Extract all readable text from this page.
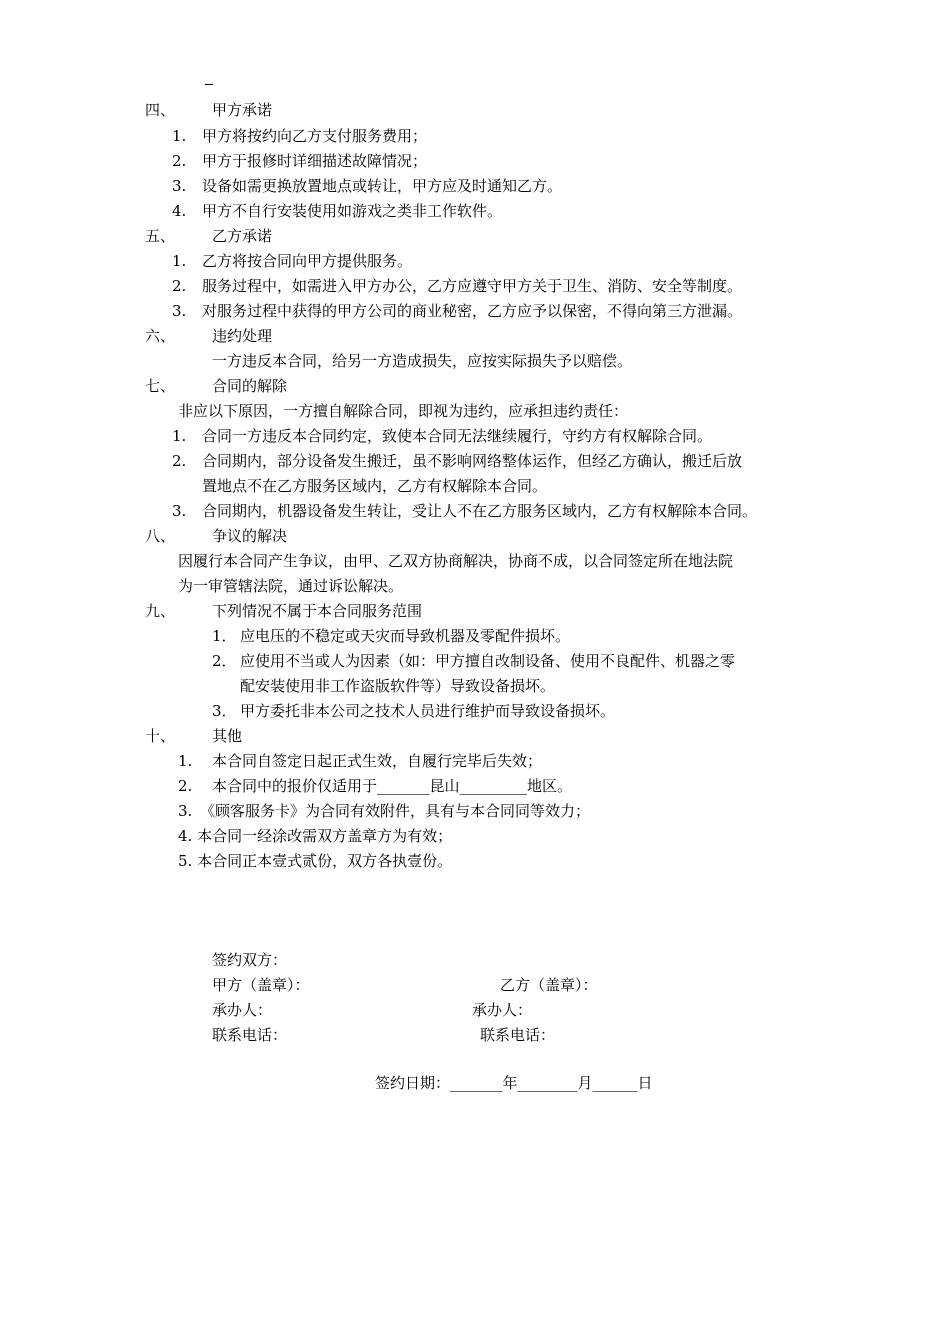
四、 甲方承诺
1. 甲方将按约向乙方支付服务费用；
2. 甲方于报修时详细描述故障情况；
3. 设备如需更换放置地点或转让，甲方应及时通知乙方。
4. 甲方不自行安装使用如游戏之类非工作软件。
五、 乙方承诺
1. 乙方将按合同向甲方提供服务。
2. 服务过程中，如需进入甲方办公，乙方应遵守甲方关于卫生、消防、安全等制度。
3. 对服务过程中获得的甲方公司的商业秘密，乙方应予以保密，不得向第三方泄漏。
六、 违约处理
一方违反本合同，给另一方造成损失，应按实际损失予以赔偿。
七、 合同的解除
非应以下原因，一方擅自解除合同，即视为违约，应承担违约责任：
1. 合同一方违反本合同约定，致使本合同无法继续履行，守约方有权解除合同。
2. 合同期内，部分设备发生搬迁，虽不影响网络整体运作，但经乙方确认，搬迁后放
置地点不在乙方服务区域内，乙方有权解除本合同。
3. 合同期内，机器设备发生转让，受让人不在乙方服务区域内，乙方有权解除本合同。
八、 争议的解决
因履行本合同产生争议，由甲、乙双方协商解决，协商不成，以合同签定所在地法院
为一审管辖法院，通过诉讼解决。
九、 下列情况不属于本合同服务范围
1． 应电压的不稳定或天灾而导致机器及零配件损坏。
2． 应使用不当或人为因素（如：甲方擅自改制设备、使用不良配件、机器之零
配安装使用非工作盗版软件等）导致设备损坏。
3． 甲方委托非本公司之技术人员进行维护而导致设备损坏。
十、 其他
1. 本合同自签定日起正式生效，自履行完毕后失效；
2. 本合同中的报价仅适用于_______昆山_________地区。
3. 《顾客服务卡》为合同有效附件，具有与本合同同等效力；
4. 本合同一经涂改需双方盖章方为有效；
5. 本合同正本壹式贰份，双方各执壹份。
签约双方：
甲方（盖章）：	乙方（盖章）：
承办人：	承办人：
联系电话：	联系电话：
签约日期：_______年________月______日
